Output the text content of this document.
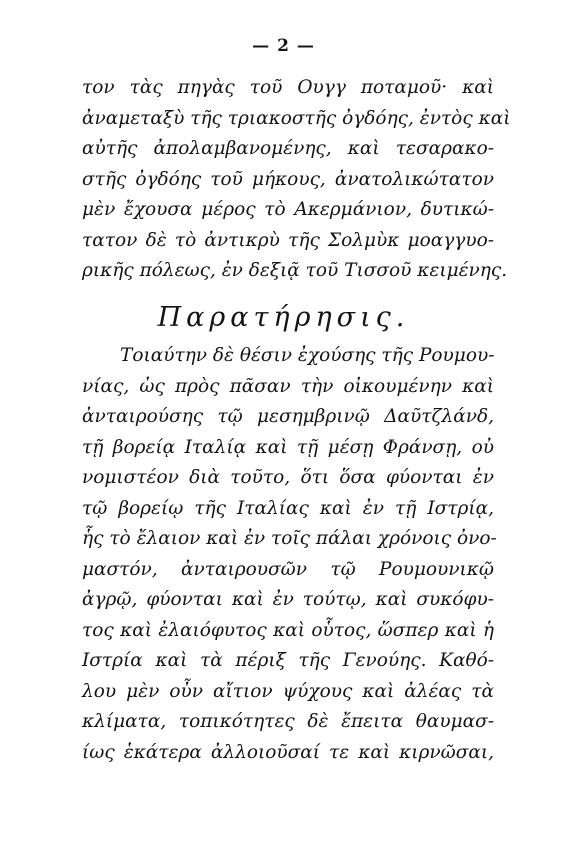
— 2 —
τον τὰς πηγὰς τοῦ Ουγγ ποταμοῦ· καὶ
ἀναμεταξὺ τῆς τριακοστῆς ὀγδόης, ἐντὸς καὶ
αὐτῆς ἀπολαμβανομένης, καὶ τεσαρακο-
στῆς ὀγδόης τοῦ μήκους, ἀνατολικώτατον
μὲν ἔχουσα μέρος τὸ Ακερμάνιον, δυτικώ-
τατον δὲ τὸ ἀντικρὺ τῆς Σολμὺκ μοαγγυο-
ρικῆς πόλεως, ἐν δεξιᾷ τοῦ Τισσοῦ κειμένης.
Παρατήρησις.
Τοιαύτην δὲ θέσιν ἐχούσης τῆς Ρουμου-
νίας, ὡς πρὸς πᾶσαν τὴν οἰκουμένην καὶ
ἀνταιρούσης τῷ μεσημβρινῷ Δαῦτζλάνδ,
τῇ βορείᾳ Ιταλίᾳ καὶ τῇ μέσῃ Φράνσῃ, οὐ
νομιστέον διὰ τοῦτο, ὅτι ὅσα φύονται ἐν
τῷ βορείῳ τῆς Ιταλίας καὶ ἐν τῇ Ιστρίᾳ,
ἧς τὸ ἔλαιον καὶ ἐν τοῖς πάλαι χρόνοις ὀνο-
μαστόν, ἀνταιρουσῶν τῷ Ρουμουνικῷ
ἀγρῷ, φύονται καὶ ἐν τούτῳ, καὶ συκόφυ-
τος καὶ ἐλαιόφυτος καὶ οὗτος, ὥσπερ καὶ ἡ
Ιστρία καὶ τὰ πέριξ τῆς Γενούης. Καθό-
λου μὲν οὖν αἴτιον ψύχους καὶ ἀλέας τὰ
κλίματα, τοπικότητες δὲ ἔπειτα θαυμασ-
ίως ἑκάτερα ἀλλοιοῦσαί τε καὶ κιρνῶσαι,
